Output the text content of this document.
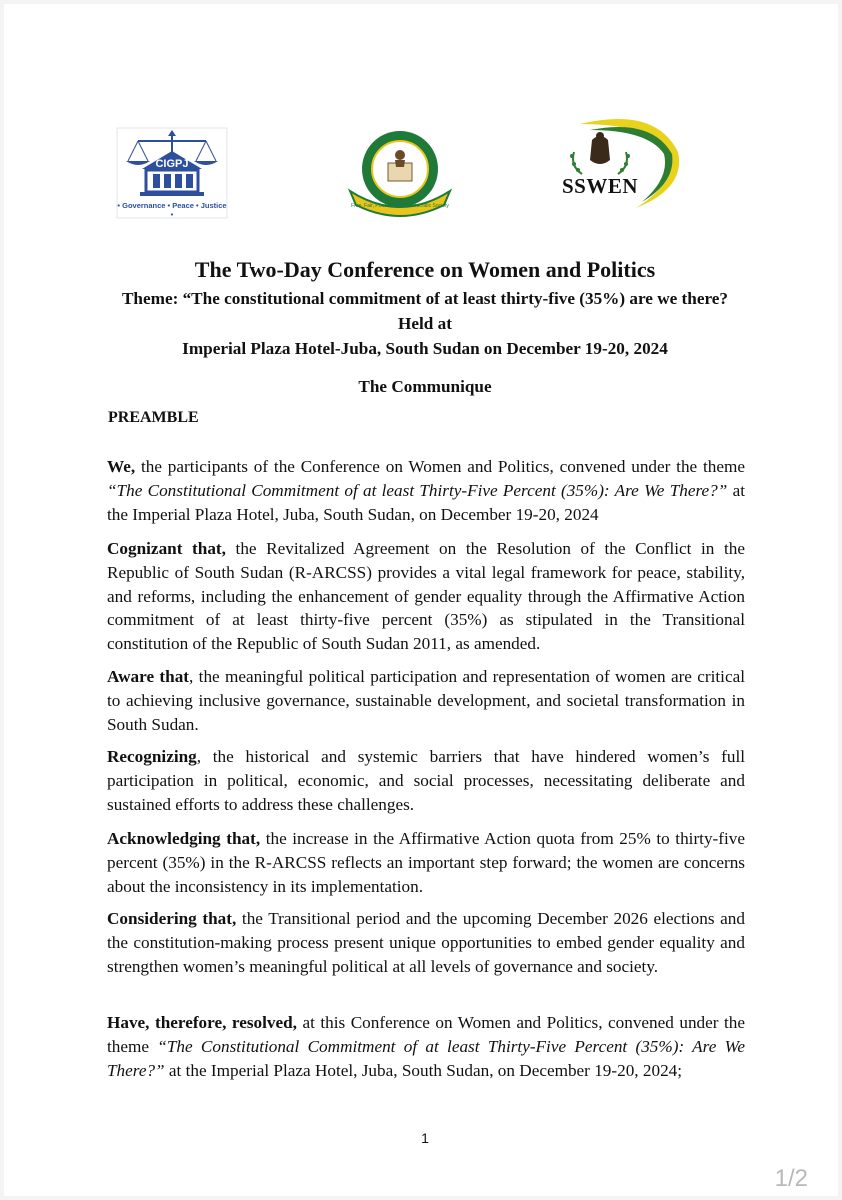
CIGPJ
• Governance • Peace • Justice •
Free, Fair, Peaceful and Democratic Society
SSWEN
The Two-Day Conference on Women and Politics
Theme: “The constitutional commitment of at least thirty-five (35%) are we there?
Held at
Imperial Plaza Hotel-Juba, South Sudan on December 19-20, 2024
The Communique
PREAMBLE

We, the participants of the Conference on Women and Politics, convened under the theme “The Constitutional Commitment of at least Thirty-Five Percent (35%): Are We There?” at the Imperial Plaza Hotel, Juba, South Sudan, on December 19-20, 2024

Cognizant that, the Revitalized Agreement on the Resolution of the Conflict in the Republic of South Sudan (R-ARCSS) provides a vital legal framework for peace, stability, and reforms, including the enhancement of gender equality through the Affirmative Action commitment of at least thirty-five percent (35%) as stipulated in the Transitional constitution of the Republic of South Sudan 2011, as amended.

Aware that, the meaningful political participation and representation of women are critical to achieving inclusive governance, sustainable development, and societal transformation in South Sudan.

Recognizing, the historical and systemic barriers that have hindered women’s full participation in political, economic, and social processes, necessitating deliberate and sustained efforts to address these challenges.

Acknowledging that, the increase in the Affirmative Action quota from 25% to thirty-five percent (35%) in the R-ARCSS reflects an important step forward; the women are concerns about the inconsistency in its implementation.

Considering that, the Transitional period and the upcoming December 2026 elections and the constitution-making process present unique opportunities to embed gender equality and strengthen women’s meaningful political at all levels of governance and society.

Have, therefore, resolved, at this Conference on Women and Politics, convened under the theme “The Constitutional Commitment of at least Thirty-Five Percent (35%): Are We There?” at the Imperial Plaza Hotel, Juba, South Sudan, on December 19-20, 2024;

1
1/2
